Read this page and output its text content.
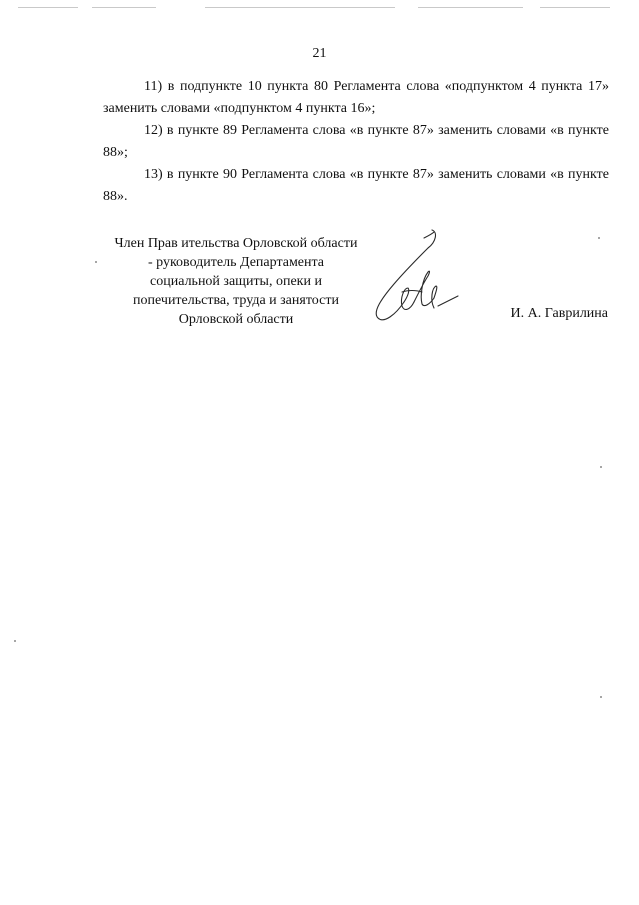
21
11) в подпункте 10 пункта 80 Регламента слова «подпунктом 4 пункта 17» заменить словами «подпунктом 4 пункта 16»;
12) в пункте 89 Регламента слова «в пункте 87» заменить словами «в пункте 88»;
13) в пункте 90 Регламента слова «в пункте 87» заменить словами «в пункте 88».
Член Прав ительства Орловской области
- руководитель Департамента
социальной защиты, опеки и
попечительства, труда и занятости
Орловской области	И. А. Гаврилина
